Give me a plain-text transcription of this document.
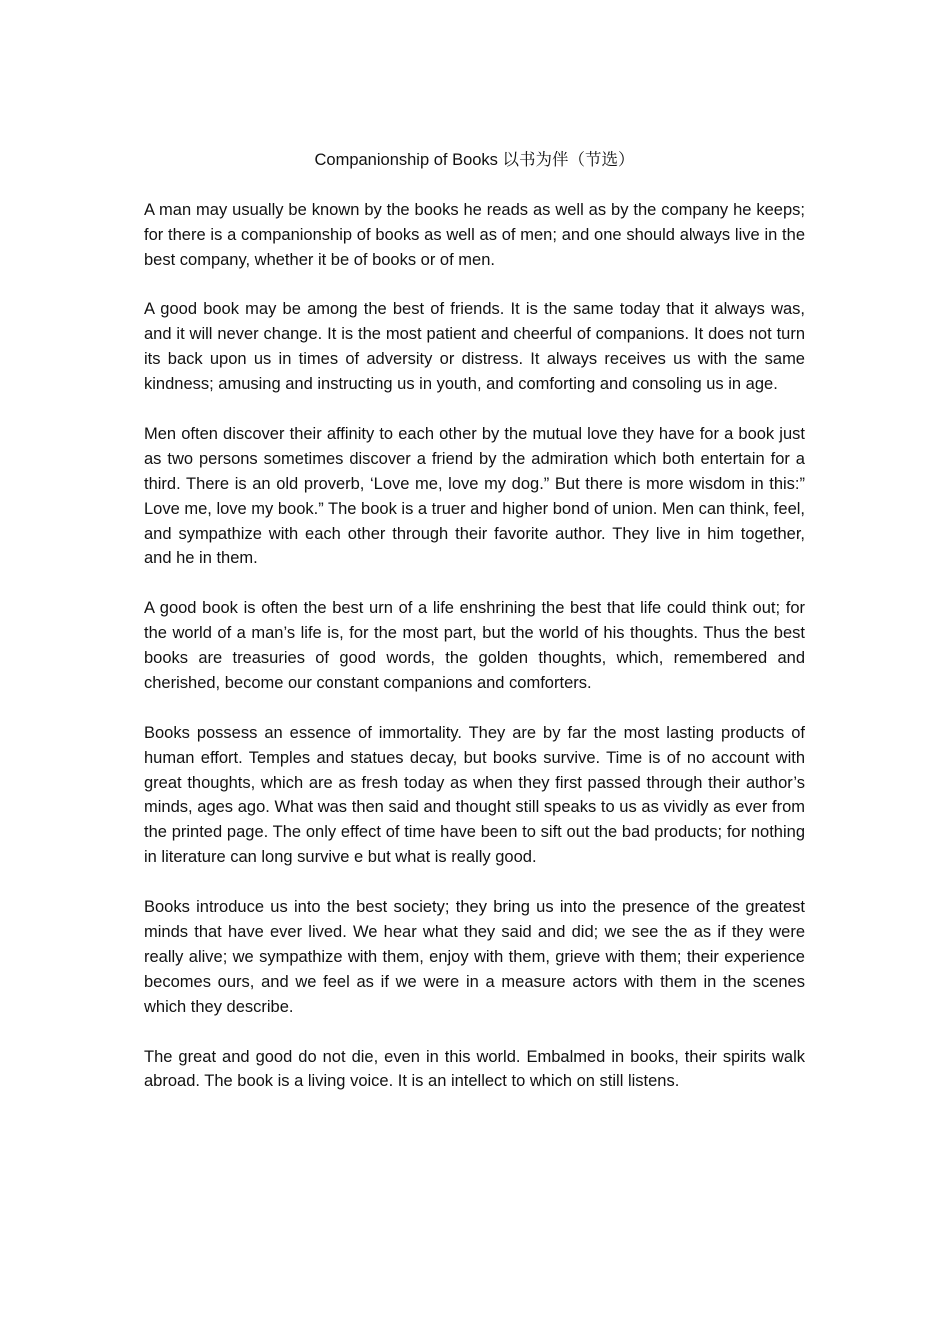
Companionship of Books 以书为伴（节选）

A man may usually be known by the books he reads as well as by the company he keeps; for there is a companionship of books as well as of men; and one should always live in the best company, whether it be of books or of men.

A good book may be among the best of friends. It is the same today that it always was, and it will never change. It is the most patient and cheerful of companions. It does not turn its back upon us in times of adversity or distress. It always receives us with the same kindness; amusing and instructing us in youth, and comforting and consoling us in age.

Men often discover their affinity to each other by the mutual love they have for a book just as two persons sometimes discover a friend by the admiration which both entertain for a third. There is an old proverb, ‘Love me, love my dog.” But there is more wisdom in this:” Love me, love my book.” The book is a truer and higher bond of union. Men can think, feel, and sympathize with each other through their favorite author. They live in him together, and he in them.

A good book is often the best urn of a life enshrining the best that life could think out; for the world of a man’s life is, for the most part, but the world of his thoughts. Thus the best books are treasuries of good words, the golden thoughts, which, remembered and cherished, become our constant companions and comforters.

Books possess an essence of immortality. They are by far the most lasting products of human effort. Temples and statues decay, but books survive. Time is of no account with great thoughts, which are as fresh today as when they first passed through their author’s minds, ages ago. What was then said and thought still speaks to us as vividly as ever from the printed page. The only effect of time have been to sift out the bad products; for nothing in literature can long survive e but what is really good.

Books introduce us into the best society; they bring us into the presence of the greatest minds that have ever lived. We hear what they said and did; we see the as if they were really alive; we sympathize with them, enjoy with them, grieve with them; their experience becomes ours, and we feel as if we were in a measure actors with them in the scenes which they describe.

The great and good do not die, even in this world. Embalmed in books, their spirits walk abroad. The book is a living voice. It is an intellect to which on still listens.
